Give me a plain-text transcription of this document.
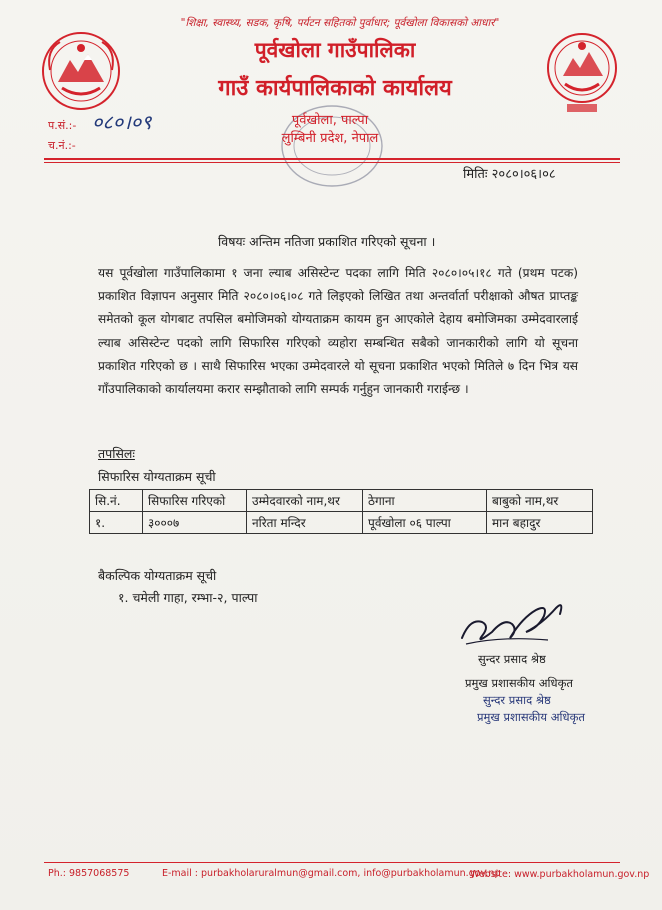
"शिक्षा, स्वास्थ्य, सडक, कृषि, पर्यटन सहितको पुर्वाधार; पूर्वखोला विकासको आधार"
पूर्वखोला गाउँपालिका
गाउँ कार्यपालिकाको कार्यालय
पूर्वखोला, पाल्पा
लुम्बिनी प्रदेश, नेपाल
प.सं.:- ०८०।०९
च.नं.:-
मितिः २०८०।०६।०८
विषयः अन्तिम नतिजा प्रकाशित गरिएको सूचना ।
यस पूर्वखोला गाउँपालिकामा १ जना ल्याब असिस्टेन्ट पदका लागि मिति २०८०।०५।१८ गते (प्रथम पटक) प्रकाशित विज्ञापन अनुसार मिति २०८०।०६।०८ गते लिइएको लिखित तथा अन्तर्वार्ता परीक्षाको औषत प्राप्तङ्क समेतको कूल योगबाट तपसिल बमोजिमको योग्यताक्रम कायम हुन आएकोले देहाय बमोजिमका उम्मेदवारलाई ल्याब असिस्टेन्ट पदको लागि सिफारिस गरिएको व्यहोरा सम्बन्धित सबैको जानकारीको लागि यो सूचना प्रकाशित गरिएको छ । साथै सिफारिस भएका उम्मेदवारले यो सूचना प्रकाशित भएको मितिले ७ दिन भित्र यस गाँउपालिकाको कार्यालयमा करार सम्झौताको लागि सम्पर्क गर्नुहुन जानकारी गराईन्छ ।
तपसिलः
सिफारिस योग्यताक्रम सूची
सि.नं.	सिफारिस गरिएको	उम्मेदवारको नाम,थर	ठेगाना	बाबुको नाम,थर
१.	३०००७	नरिता मन्दिर	पूर्वखोला ०६ पाल्पा	मान बहादुर
बैकल्पिक योग्यताक्रम सूची
१. चमेली गाहा, रम्भा-२, पाल्पा
सुन्दर प्रसाद श्रेष्ठ
प्रमुख प्रशासकीय अधिकृत
सुन्दर प्रसाद श्रेष्ठ
प्रमुख प्रशासकीय अधिकृत
Ph.: 9857068575	E-mail : purbakholaruralmun@gmail.com, info@purbakholamun.gov.np
Website: www.purbakholamun.gov.np
